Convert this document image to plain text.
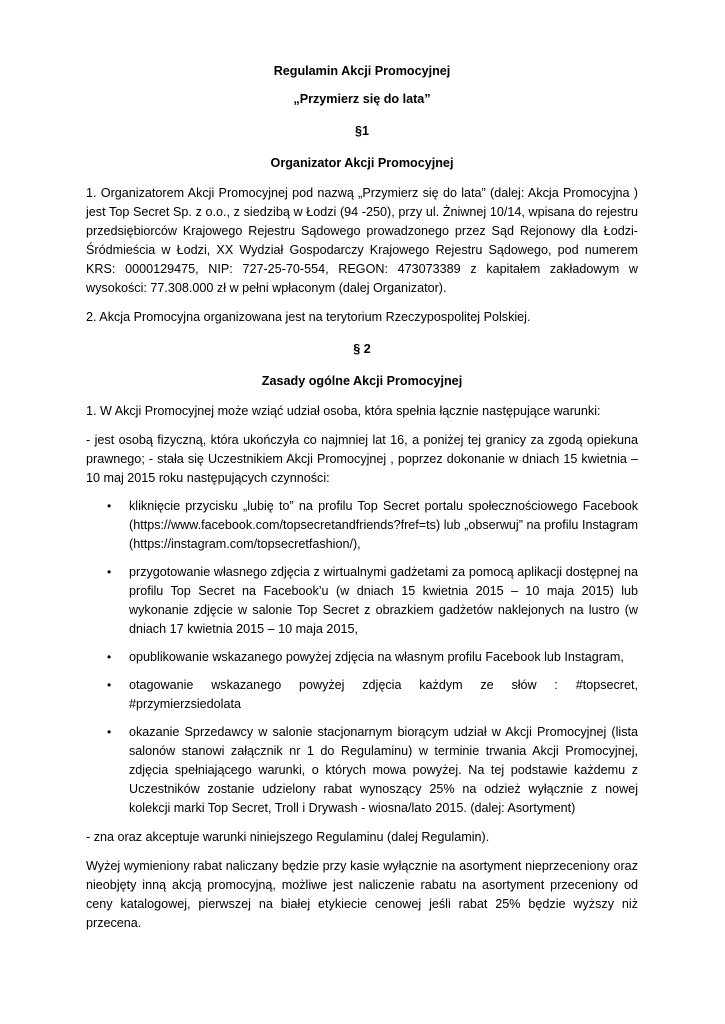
Regulamin Akcji Promocyjnej

„Przymierz się do lata”

§1

Organizator Akcji Promocyjnej

1. Organizatorem Akcji Promocyjnej pod nazwą „Przymierz się do lata” (dalej: Akcja Promocyjna ) jest Top Secret Sp. z o.o., z siedzibą w Łodzi (94 -250), przy ul. Żniwnej 10/14, wpisana do rejestru przedsiębiorców Krajowego Rejestru Sądowego prowadzonego przez Sąd Rejonowy dla Łodzi-Śródmieścia w Łodzi, XX Wydział Gospodarczy Krajowego Rejestru Sądowego, pod numerem KRS: 0000129475, NIP: 727-25-70-554, REGON: 473073389 z kapitałem zakładowym w wysokości: 77.308.000 zł w pełni wpłaconym (dalej Organizator).

2. Akcja Promocyjna organizowana jest na terytorium Rzeczypospolitej Polskiej.

§ 2

Zasady ogólne Akcji Promocyjnej

1. W Akcji Promocyjnej może wziąć udział osoba, która spełnia łącznie następujące warunki:

- jest osobą fizyczną, która ukończyła co najmniej lat 16, a poniżej tej granicy za zgodą opiekuna prawnego; - stała się Uczestnikiem Akcji Promocyjnej , poprzez dokonanie w dniach 15 kwietnia – 10 maj 2015 roku następujących czynności:

• kliknięcie przycisku „lubię to” na profilu Top Secret portalu społecznościowego Facebook (https://www.facebook.com/topsecretandfriends?fref=ts) lub „obserwuj” na profilu Instagram (https://instagram.com/topsecretfashion/),
• przygotowanie własnego zdjęcia z wirtualnymi gadżetami za pomocą aplikacji dostępnej na profilu Top Secret na Facebook’u (w dniach 15 kwietnia 2015 – 10 maja 2015) lub wykonanie zdjęcie w salonie Top Secret z obrazkiem gadżetów naklejonych na lustro (w dniach 17 kwietnia 2015 – 10 maja 2015,
• opublikowanie wskazanego powyżej zdjęcia na własnym profilu Facebook lub Instagram,
• otagowanie wskazanego powyżej zdjęcia każdym ze słów : #topsecret, #przymierzsiedolata
• okazanie Sprzedawcy w salonie stacjonarnym biorącym udział w Akcji Promocyjnej (lista salonów stanowi załącznik nr 1 do Regulaminu) w terminie trwania Akcji Promocyjnej, zdjęcia spełniającego warunki, o których mowa powyżej. Na tej podstawie każdemu z Uczestników zostanie udzielony rabat wynoszący 25% na odzież wyłącznie z nowej kolekcji marki Top Secret, Troll i Drywash - wiosna/lato 2015. (dalej: Asortyment)

- zna oraz akceptuje warunki niniejszego Regulaminu (dalej Regulamin).

Wyżej wymieniony rabat naliczany będzie przy kasie wyłącznie na asortyment nieprzeceniony oraz nieobjęty inną akcją promocyjną, możliwe jest naliczenie rabatu na asortyment przeceniony od ceny katalogowej, pierwszej na białej etykiecie cenowej jeśli rabat 25% będzie wyższy niż przecena.
